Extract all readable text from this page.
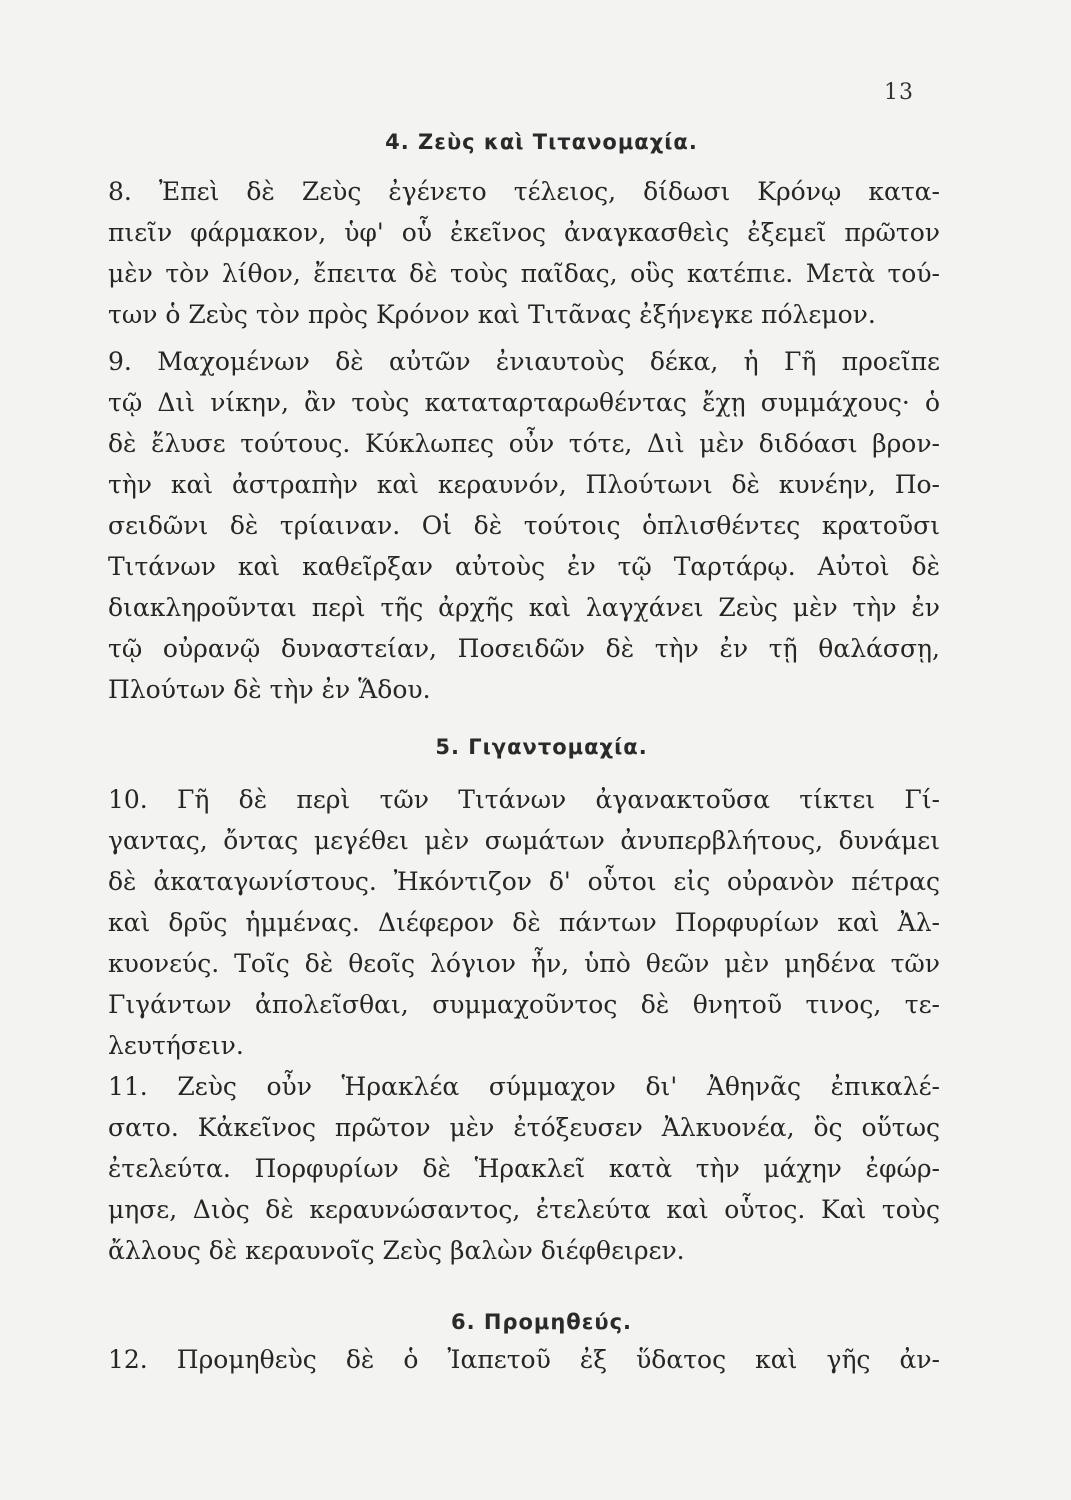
13
4. Ζεὺς καὶ Τιτανομαχία.
8. Ἐπεὶ δὲ Ζεὺς ἐγένετο τέλειος, δίδωσι Κρόνῳ κατα-
πιεῖν φάρμακον, ὑφ' οὗ ἐκεῖνος ἀναγκασθεὶς ἐξεμεῖ πρῶτον
μὲν τὸν λίθον, ἔπειτα δὲ τοὺς παῖδας, οὓς κατέπιε. Μετὰ τού-
των ὁ Ζεὺς τὸν πρὸς Κρόνον καὶ Τιτᾶνας ἐξήνεγκε πόλεμον.
9. Μαχομένων δὲ αὐτῶν ἐνιαυτοὺς δέκα, ἡ Γῆ προεῖπε
τῷ Διὶ νίκην, ἂν τοὺς καταταρταρωθέντας ἔχῃ συμμάχους· ὁ
δὲ ἔλυσε τούτους. Κύκλωπες οὖν τότε, Διὶ μὲν διδόασι βρον-
τὴν καὶ ἀστραπὴν καὶ κεραυνόν, Πλούτωνι δὲ κυνέην, Πο-
σειδῶνι δὲ τρίαιναν. Οἱ δὲ τούτοις ὁπλισθέντες κρατοῦσι
Τιτάνων καὶ καθεῖρξαν αὐτοὺς ἐν τῷ Ταρτάρῳ. Αὐτοὶ δὲ
διακληροῦνται περὶ τῆς ἀρχῆς καὶ λαγχάνει Ζεὺς μὲν τὴν ἐν
τῷ οὐρανῷ δυναστείαν, Ποσειδῶν δὲ τὴν ἐν τῇ θαλάσσῃ,
Πλούτων δὲ τὴν ἐν Ἅδου.
5. Γιγαντομαχία.
10. Γῆ δὲ περὶ τῶν Τιτάνων ἀγανακτοῦσα τίκτει Γί-
γαντας, ὄντας μεγέθει μὲν σωμάτων ἀνυπερβλήτους, δυνάμει
δὲ ἀκαταγωνίστους. Ἠκόντιζον δ' οὗτοι εἰς οὐρανὸν πέτρας
καὶ δρῦς ἡμμένας. Διέφερον δὲ πάντων Πορφυρίων καὶ Ἀλ-
κυονεύς. Τοῖς δὲ θεοῖς λόγιον ἦν, ὑπὸ θεῶν μὲν μηδένα τῶν
Γιγάντων ἀπολεῖσθαι, συμμαχοῦντος δὲ θνητοῦ τινος, τε-
λευτήσειν.
11. Ζεὺς οὖν Ἡρακλέα σύμμαχον δι' Ἀθηνᾶς ἐπικαλέ-
σατο. Κἀκεῖνος πρῶτον μὲν ἐτόξευσεν Ἀλκυονέα, ὃς οὕτως
ἐτελεύτα. Πορφυρίων δὲ Ἡρακλεῖ κατὰ τὴν μάχην ἐφώρ-
μησε, Διὸς δὲ κεραυνώσαντος, ἐτελεύτα καὶ οὗτος. Καὶ τοὺς
ἄλλους δὲ κεραυνοῖς Ζεὺς βαλὼν διέφθειρεν.
6. Προμηθεύς.
12. Προμηθεὺς δὲ ὁ Ἰαπετοῦ ἐξ ὕδατος καὶ γῆς ἀν-
